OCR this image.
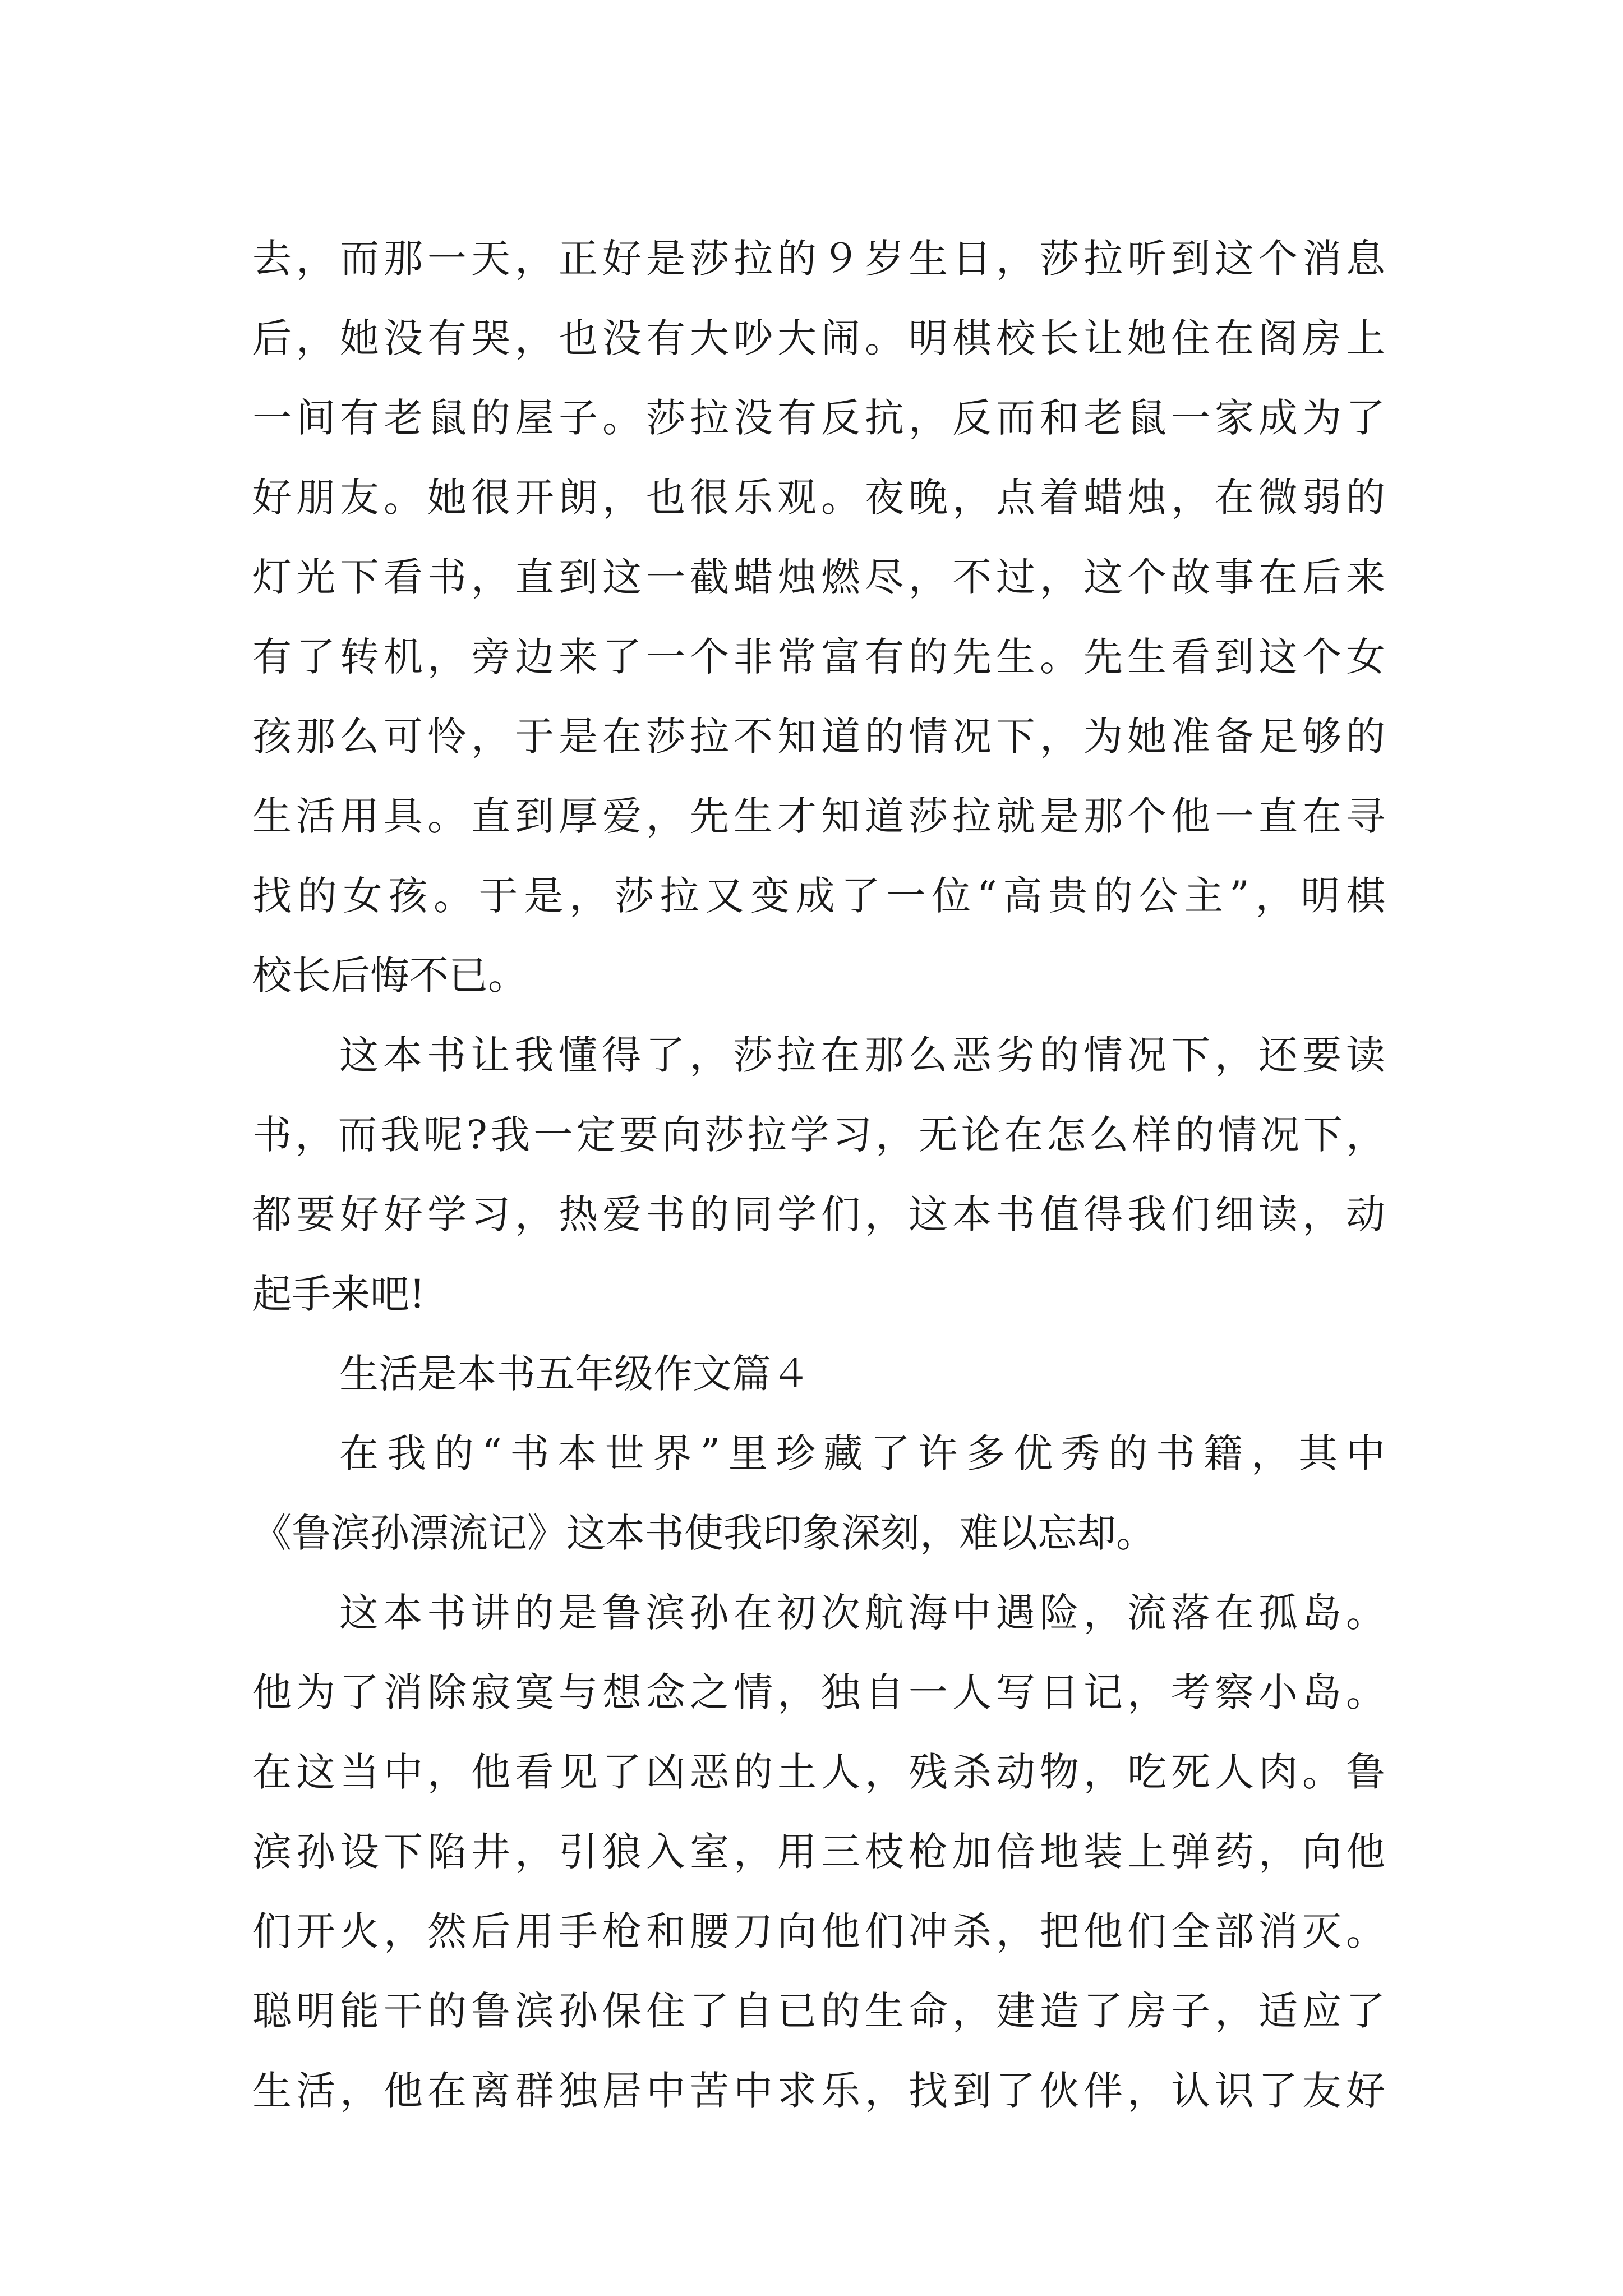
去，而那一天，正好是莎拉的９岁生日，莎拉听到这个消息
后，她没有哭，也没有大吵大闹。明棋校长让她住在阁房上
一间有老鼠的屋子。莎拉没有反抗，反而和老鼠一家成为了
好朋友。她很开朗，也很乐观。夜晚，点着蜡烛，在微弱的
灯光下看书，直到这一截蜡烛燃尽，不过，这个故事在后来
有了转机，旁边来了一个非常富有的先生。先生看到这个女
孩那么可怜，于是在莎拉不知道的情况下，为她准备足够的
生活用具。直到厚爱，先生才知道莎拉就是那个他一直在寻
找的女孩。于是，莎拉又变成了一位“高贵的公主”，明棋
校长后悔不已。
这本书让我懂得了，莎拉在那么恶劣的情况下，还要读
书，而我呢?我一定要向莎拉学习，无论在怎么样的情况下，
都要好好学习，热爱书的同学们，这本书值得我们细读，动
起手来吧!
生活是本书五年级作文篇４
在我的“书本世界”里珍藏了许多优秀的书籍，其中
《鲁滨孙漂流记》这本书使我印象深刻，难以忘却。
这本书讲的是鲁滨孙在初次航海中遇险，流落在孤岛。
他为了消除寂寞与想念之情，独自一人写日记，考察小岛。
在这当中，他看见了凶恶的土人，残杀动物，吃死人肉。鲁
滨孙设下陷井，引狼入室，用三枝枪加倍地装上弹药，向他
们开火，然后用手枪和腰刀向他们冲杀，把他们全部消灭。
聪明能干的鲁滨孙保住了自已的生命，建造了房子，适应了
生活，他在离群独居中苦中求乐，找到了伙伴，认识了友好
